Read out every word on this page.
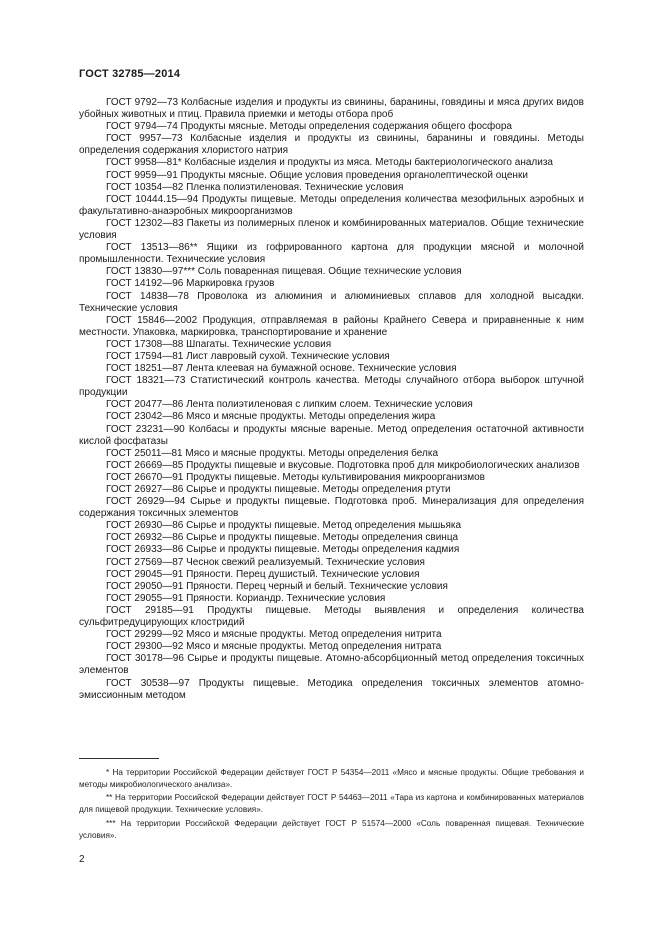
ГОСТ 32785—2014

ГОСТ 9792—73 Колбасные изделия и продукты из свинины, баранины, говядины и мяса других видов убойных животных и птиц. Правила приемки и методы отбора проб

ГОСТ 9794—74 Продукты мясные. Методы определения содержания общего фосфора

ГОСТ 9957—73 Колбасные изделия и продукты из свинины, баранины и говядины. Методы определения содержания хлористого натрия

ГОСТ 9958—81* Колбасные изделия и продукты из мяса. Методы бактериологического анализа

ГОСТ 9959—91 Продукты мясные. Общие условия проведения органолептической оценки

ГОСТ 10354—82 Пленка полиэтиленовая. Технические условия

ГОСТ 10444.15—94 Продукты пищевые. Методы определения количества мезофильных аэробных и факультативно-анаэробных микроорганизмов

ГОСТ 12302—83 Пакеты из полимерных пленок и комбинированных материалов. Общие технические условия

ГОСТ 13513—86** Ящики из гофрированного картона для продукции мясной и молочной промышленности. Технические условия

ГОСТ 13830—97*** Соль поваренная пищевая. Общие технические условия

ГОСТ 14192—96 Маркировка грузов

ГОСТ 14838—78 Проволока из алюминия и алюминиевых сплавов для холодной высадки. Технические условия

ГОСТ 15846—2002 Продукция, отправляемая в районы Крайнего Севера и приравненные к ним местности. Упаковка, маркировка, транспортирование и хранение

ГОСТ 17308—88 Шпагаты. Технические условия

ГОСТ 17594—81 Лист лавровый сухой. Технические условия

ГОСТ 18251—87 Лента клеевая на бумажной основе. Технические условия

ГОСТ 18321—73 Статистический контроль качества. Методы случайного отбора выборок штучной продукции

ГОСТ 20477—86 Лента полиэтиленовая с липким слоем. Технические условия

ГОСТ 23042—86 Мясо и мясные продукты. Методы определения жира

ГОСТ 23231—90 Колбасы и продукты мясные вареные. Метод определения остаточной активности кислой фосфатазы

ГОСТ 25011—81 Мясо и мясные продукты. Методы определения белка

ГОСТ 26669—85 Продукты пищевые и вкусовые. Подготовка проб для микробиологических анализов

ГОСТ 26670—91 Продукты пищевые. Методы культивирования микроорганизмов

ГОСТ 26927—86 Сырье и продукты пищевые. Методы определения ртути

ГОСТ 26929—94 Сырье и продукты пищевые. Подготовка проб. Минерализация для определения содержания токсичных элементов

ГОСТ 26930—86 Сырье и продукты пищевые. Метод определения мышьяка

ГОСТ 26932—86 Сырье и продукты пищевые. Методы определения свинца

ГОСТ 26933—86 Сырье и продукты пищевые. Методы определения кадмия

ГОСТ 27569—87 Чеснок свежий реализуемый. Технические условия

ГОСТ 29045—91 Пряности. Перец душистый. Технические условия

ГОСТ 29050—91 Пряности. Перец черный и белый. Технические условия

ГОСТ 29055—91 Пряности. Кориандр. Технические условия

ГОСТ 29185—91 Продукты пищевые. Методы выявления и определения количества сульфитредуцирующих клостридий

ГОСТ 29299—92 Мясо и мясные продукты. Метод определения нитрита

ГОСТ 29300—92 Мясо и мясные продукты. Метод определения нитрата

ГОСТ 30178—96 Сырье и продукты пищевые. Атомно-абсорбционный метод определения токсичных элементов

ГОСТ 30538—97 Продукты пищевые. Методика определения токсичных элементов атомно-эмиссионным методом

* На территории Российской Федерации действует ГОСТ Р 54354—2011 «Мясо и мясные продукты. Общие требования и методы микробиологического анализа».

** На территории Российской Федерации действует ГОСТ Р 54463—2011 «Тара из картона и комбинированных материалов для пищевой продукции. Технические условия».

*** На территории Российской Федерации действует ГОСТ Р 51574—2000 «Соль поваренная пищевая. Технические условия».

2
